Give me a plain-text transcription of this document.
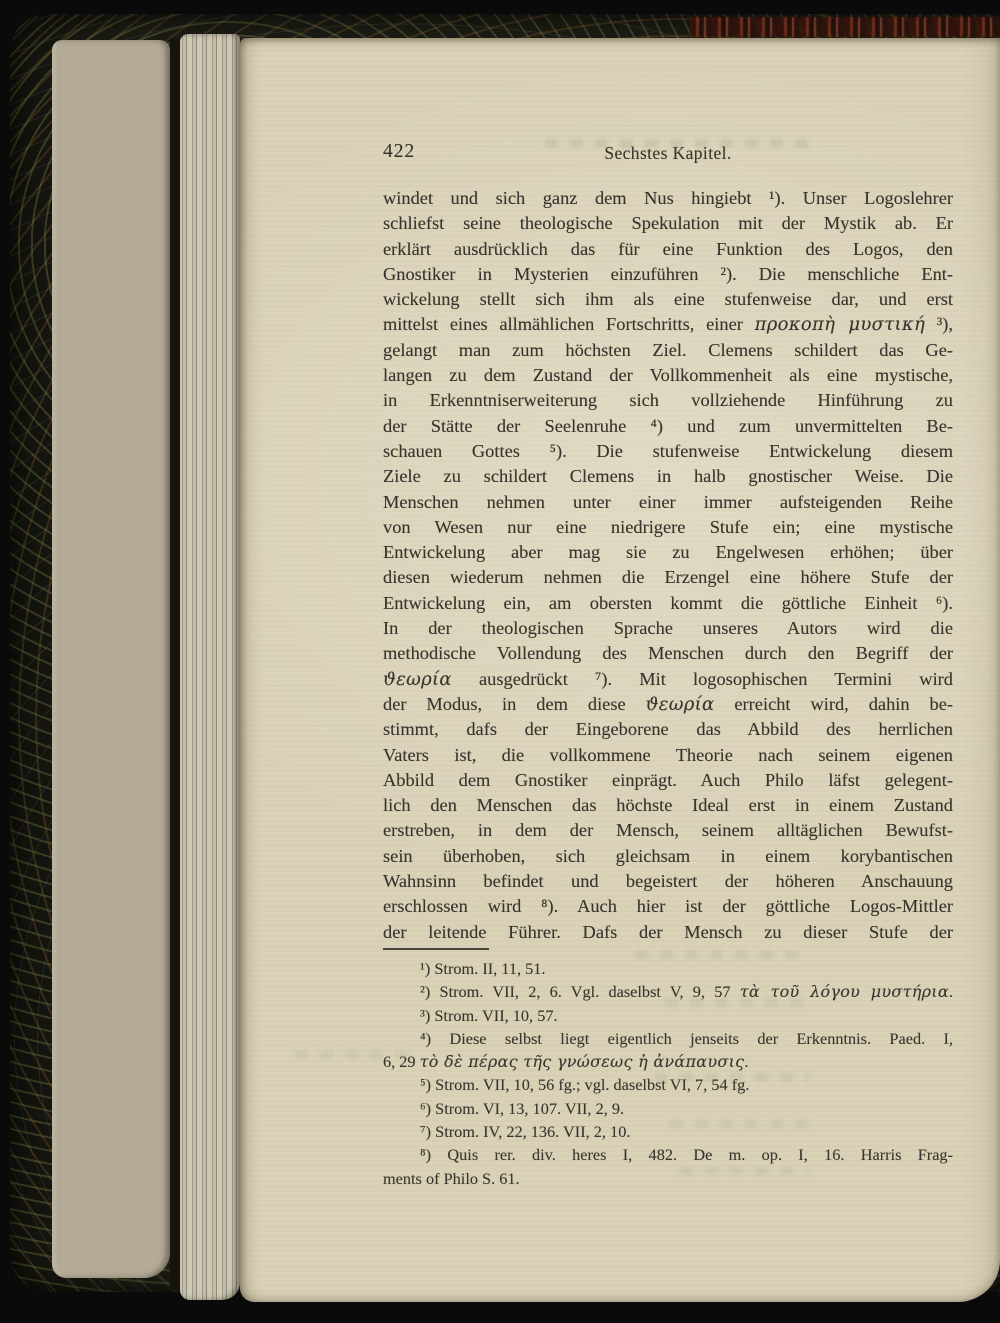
422	Sechstes Kapitel.
windet und sich ganz dem Nus hingiebt ¹). Unser Logoslehrer
schliefst seine theologische Spekulation mit der Mystik ab. Er
erklärt ausdrücklich das für eine Funktion des Logos, den
Gnostiker in Mysterien einzuführen ²). Die menschliche Ent-
wickelung stellt sich ihm als eine stufenweise dar, und erst
mittelst eines allmählichen Fortschritts, einer προκοπὴ μυστική ³),
gelangt man zum höchsten Ziel. Clemens schildert das Ge-
langen zu dem Zustand der Vollkommenheit als eine mystische,
in Erkenntniserweiterung sich vollziehende Hinführung zu
der Stätte der Seelenruhe ⁴) und zum unvermittelten Be-
schauen Gottes ⁵). Die stufenweise Entwickelung diesem
Ziele zu schildert Clemens in halb gnostischer Weise. Die
Menschen nehmen unter einer immer aufsteigenden Reihe
von Wesen nur eine niedrigere Stufe ein; eine mystische
Entwickelung aber mag sie zu Engelwesen erhöhen; über
diesen wiederum nehmen die Erzengel eine höhere Stufe der
Entwickelung ein, am obersten kommt die göttliche Einheit ⁶).
In der theologischen Sprache unseres Autors wird die
methodische Vollendung des Menschen durch den Begriff der
ϑεωρία ausgedrückt ⁷). Mit logosophischen Termini wird
der Modus, in dem diese ϑεωρία erreicht wird, dahin be-
stimmt, dafs der Eingeborene das Abbild des herrlichen
Vaters ist, die vollkommene Theorie nach seinem eigenen
Abbild dem Gnostiker einprägt. Auch Philo läfst gelegent-
lich den Menschen das höchste Ideal erst in einem Zustand
erstreben, in dem der Mensch, seinem alltäglichen Bewufst-
sein überhoben, sich gleichsam in einem korybantischen
Wahnsinn befindet und begeistert der höheren Anschauung
erschlossen wird ⁸). Auch hier ist der göttliche Logos-Mittler
der leitende Führer. Dafs der Mensch zu dieser Stufe der
¹) Strom. II, 11, 51.
²) Strom. VII, 2, 6. Vgl. daselbst V, 9, 57 τὰ τοῦ λόγου μυστήρια.
³) Strom. VII, 10, 57.
⁴) Diese selbst liegt eigentlich jenseits der Erkenntnis. Paed. I,
6, 29 τὸ δὲ πέρας τῆς γνώσεως ἡ ἀνάπαυσις.
⁵) Strom. VII, 10, 56 fg.; vgl. daselbst VI, 7, 54 fg.
⁶) Strom. VI, 13, 107. VII, 2, 9.
⁷) Strom. IV, 22, 136. VII, 2, 10.
⁸) Quis rer. div. heres I, 482. De m. op. I, 16. Harris Frag-
ments of Philo S. 61.
